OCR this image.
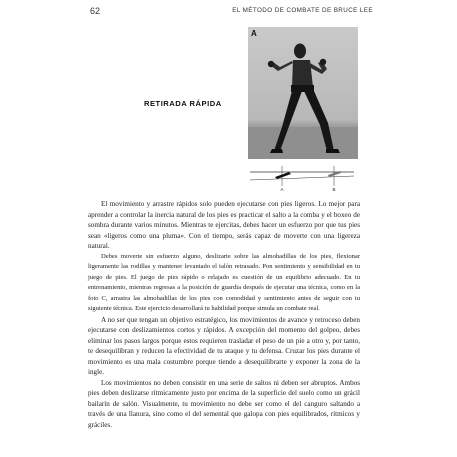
62	EL MÉTODO DE COMBATE DE BRUCE LEE
A
A	B
RETIRADA RÁPIDA

El movimiento y arrastre rápidos solo pueden ejecutarse con pies ligeros. Lo mejor para aprender a controlar la inercia natural de los pies es practicar el salto a la comba y el boxeo de sombra durante varios minutos. Mientras te ejercitas, debes hacer un esfuerzo por que tus pies sean «ligeros como una pluma». Con el tiempo, serás capaz de moverte con una ligereza natural.

Debes moverte sin esfuerzo alguno, deslizarte sobre las almohadillas de los pies, flexionar ligeramente las rodillas y mantener levantado el talón retrasado. Pon sentimiento y sensibilidad en tu juego de pies. El juego de pies rápido o relajado es cuestión de un equilibrio adecuado. En tu entrenamiento, mientras regresas a la posición de guardia después de ejecutar una técnica, como en la foto C, arrastra las almohadillas de los pies con comodidad y sentimiento antes de seguir con tu siguiente técnica. Este ejercicio desarrollará tu habilidad porque simula un combate real.

A no ser que tengan un objetivo estratégico, los movimientos de avance y retroceso deben ejecutarse con deslizamientos cortos y rápidos. A excepción del momento del golpeo, debes eliminar los pasos largos porque estos requieren trasladar el peso de un pie a otro y, por tanto, te desequilibran y reducen la efectividad de tu ataque y tu defensa. Cruzar los pies durante el movimiento es una mala costumbre porque tiende a desequilibrarte y exponer la zona de la ingle.

Los movimientos no deben consistir en una serie de saltos ni deben ser abruptos. Ambos pies deben deslizarse rítmicamente justo por encima de la superficie del suelo como un grácil bailarín de salón. Visualmente, tu movimiento no debe ser como el del canguro saltando a través de una llanura, sino como el del semental que galopa con pies equilibrados, rítmicos y gráciles.
